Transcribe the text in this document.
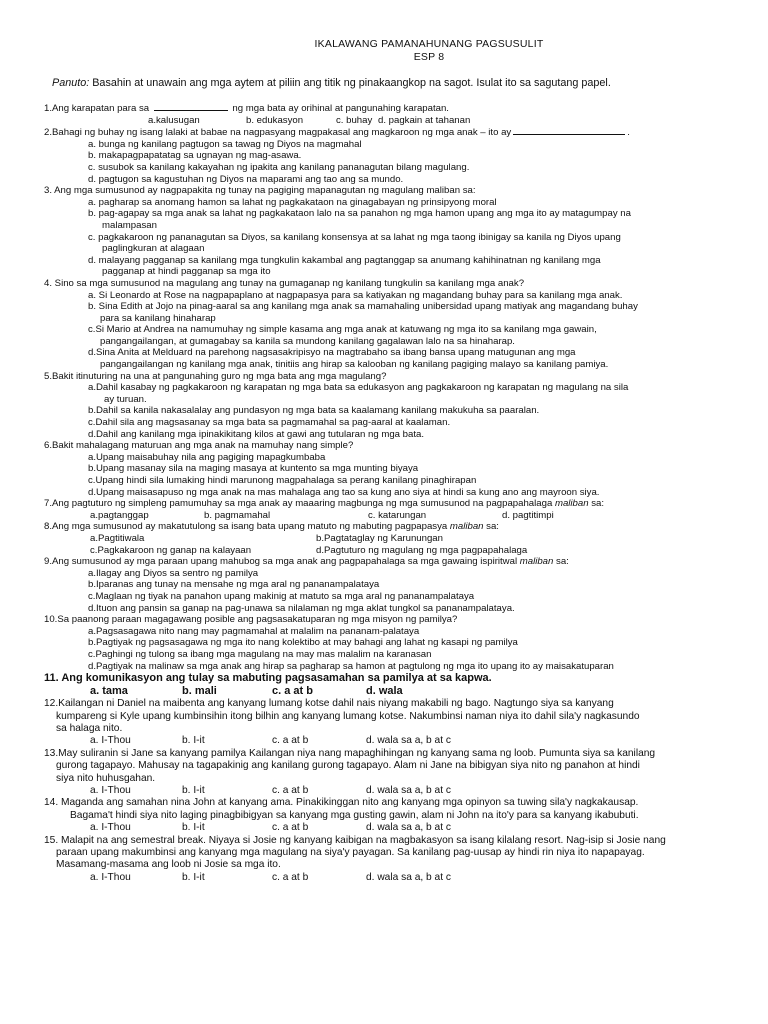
IKALAWANG PAMANAHUNANG PAGSUSULIT
ESP 8
Panuto: Basahin at unawain ang mga aytem at piliin ang titik ng pinakaangkop na sagot. Isulat ito sa sagutang papel.
1.Ang karapatan para sa	ng mga bata ay orihinal at pangunahing karapatan.
a.kalusugan	b. edukasyon	c. buhay d. pagkain at tahanan
2.Bahagi ng buhay ng isang lalaki at babae na nagpasyang magpakasal ang magkaroon ng mga anak – ito ay	.
a. bunga ng kanilang pagtugon sa tawag ng Diyos na magmahal
b. makapagpapatatag sa ugnayan ng mag-asawa.
c. susubok sa kanilang kakayahan ng ipakita ang kanilang pananagutan bilang magulang.
d. pagtugon sa kagustuhan ng Diyos na maparami ang tao ang sa mundo.
3. Ang mga sumusunod ay nagpapakita ng tunay na pagiging mapanagutan ng magulang maliban sa:
a. pagharap sa anomang hamon sa lahat ng pagkakataon na ginagabayan ng prinsipyong moral
b. pag-agapay sa mga anak sa lahat ng pagkakataon lalo na sa panahon ng mga hamon upang ang mga ito ay matagumpay na
malampasan
c. pagkakaroon ng pananagutan sa Diyos, sa kanilang konsensya at sa lahat ng mga taong ibinigay sa kanila ng Diyos upang
paglingkuran at alagaan
d. malayang pagganap sa kanilang mga tungkulin kakambal ang pagtanggap sa anumang kahihinatnan ng kanilang mga
pagganap at hindi pagganap sa mga ito
4. Sino sa mga sumusunod na magulang ang tunay na gumaganap ng kanilang tungkulin sa kanilang mga anak?
a. Si Leonardo at Rose na nagpapaplano at nagpapasya para sa katiyakan ng magandang buhay para sa kanilang mga anak.
b. Sina Edith at Jojo na pinag-aaral sa ang kanilang mga anak sa mamahaling unibersidad upang matiyak ang magandang buhay
para sa kanilang hinaharap
c.Si Mario at Andrea na namumuhay ng simple kasama ang mga anak at katuwang ng mga ito sa kanilang mga gawain,
pangangailangan, at gumagabay sa kanila sa mundong kanilang gagalawan lalo na sa hinaharap.
d.Sina Anita at Melduard na parehong nagsasakripisyo na magtrabaho sa ibang bansa upang matugunan ang mga
pangangailangan ng kanilang mga anak, tinitiis ang hirap sa kalooban ng kanilang pagiging malayo sa kanilang pamiya.
5.Bakit itinuturing na una at pangunahing guro ng mga bata ang mga magulang?
a.Dahil kasabay ng pagkakaroon ng karapatan ng mga bata sa edukasyon ang pagkakaroon ng karapatan ng magulang na sila
ay turuan.
b.Dahil sa kanila nakasalalay ang pundasyon ng mga bata sa kaalamang kanilang makukuha sa paaralan.
c.Dahil sila ang magsasanay sa mga bata sa pagmamahal sa pag-aaral at kaalaman.
d.Dahil ang kanilang mga ipinakikitang kilos at gawi ang tutularan ng mga bata.
6.Bakit mahalagang maturuan ang mga anak na mamuhay nang simple?
a.Upang maisabuhay nila ang pagiging mapagkumbaba
b.Upang masanay sila na maging masaya at kuntento sa mga munting biyaya
c.Upang hindi sila lumaking hindi marunong magpahalaga sa perang kanilang pinaghirapan
d.Upang maisasapuso ng mga anak na mas mahalaga ang tao sa kung ano siya at hindi sa kung ano ang mayroon siya.
7.Ang pagtuturo ng simpleng pamumuhay sa mga anak ay maaaring magbunga ng mga sumusunod na pagpapahalaga maliban sa:
a.pagtanggap	b. pagmamahal	c. katarungan	d. pagtitimpi
8.Ang mga sumusunod ay makatutulong sa isang bata upang matuto ng mabuting pagpapasya maliban sa:
a.Pagtitiwala	b.Pagtataglay ng Karunungan
c.Pagkakaroon ng ganap na kalayaan	d.Pagtuturo ng magulang ng mga pagpapahalaga
9.Ang sumusunod ay mga paraan upang mahubog sa mga anak ang pagpapahalaga sa mga gawaing ispiritwal maliban sa:
a.Ilagay ang Diyos sa sentro ng pamilya
b.Iparanas ang tunay na mensahe ng mga aral ng pananampalataya
c.Maglaan ng tiyak na panahon upang makinig at matuto sa mga aral ng pananampalataya
d.Ituon ang pansin sa ganap na pag-unawa sa nilalaman ng mga aklat tungkol sa pananampalataya.
10.Sa paanong paraan magagawang posible ang pagsasakatuparan ng mga misyon ng pamilya?
a.Pagsasagawa nito nang may pagmamahal at malalim na pananam-palataya
b.Pagtiyak ng pagsasagawa ng mga ito nang kolektibo at may bahagi ang lahat ng kasapi ng pamilya
c.Paghingi ng tulong sa ibang mga magulang na may mas malalim na karanasan
d.Pagtiyak na malinaw sa mga anak ang hirap sa pagharap sa hamon at pagtulong ng mga ito upang ito ay maisakatuparan
11. Ang komunikasyon ang tulay sa mabuting pagsasamahan sa pamilya at sa kapwa.
a. tama	b. mali	c. a at b	d. wala
12.Kailangan ni Daniel na maibenta ang kanyang lumang kotse dahil nais niyang makabili ng bago. Nagtungo siya sa kanyang
kumpareng si Kyle upang kumbinsihin itong bilhin ang kanyang lumang kotse. Nakumbinsi naman niya ito dahil sila'y nagkasundo
sa halaga nito.
a. I-Thou	b. I-it	c. a at b	d. wala sa a, b at c
13.May suliranin si Jane sa kanyang pamilya Kailangan niya nang mapaghihingan ng kanyang sama ng loob. Pumunta siya sa kanilang
gurong tagapayo. Mahusay na tagapakinig ang kanilang gurong tagapayo. Alam ni Jane na bibigyan siya nito ng panahon at hindi
siya nito huhusgahan.
a. I-Thou	b. I-it	c. a at b	d. wala sa a, b at c
14. Maganda ang samahan nina John at kanyang ama. Pinakikinggan nito ang kanyang mga opinyon sa tuwing sila'y nagkakausap.
Bagama't hindi siya nito laging pinagbibigyan sa kanyang mga gusting gawin, alam ni John na ito'y para sa kanyang ikabubuti.
a. I-Thou	b. I-it	c. a at b	d. wala sa a, b at c
15. Malapit na ang semestral break. Niyaya si Josie ng kanyang kaibigan na magbakasyon sa isang kilalang resort. Nag-isip si Josie nang
paraan upang makumbinsi ang kanyang mga magulang na siya'y payagan. Sa kanilang pag-uusap ay hindi rin niya ito napapayag.
Masamang-masama ang loob ni Josie sa mga ito.
a. I-Thou	b. I-it	c. a at b	d. wala sa a, b at c
